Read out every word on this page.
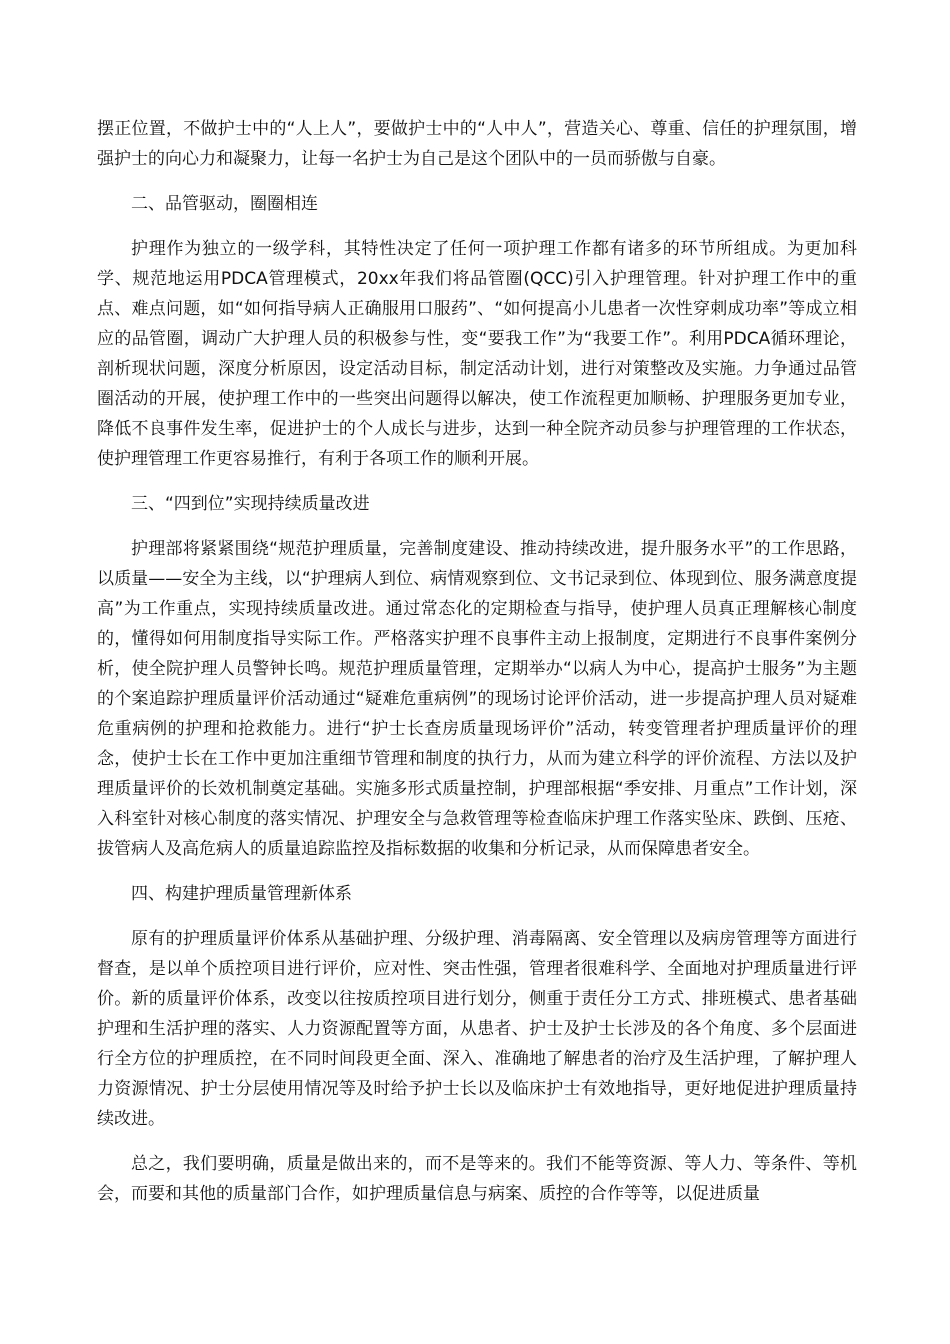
摆正位置，不做护士中的“人上人”，要做护士中的“人中人”，营造关心、尊重、信任的护理氛围，增强护士的向心力和凝聚力，让每一名护士为自己是这个团队中的一员而骄傲与自豪。

二、品管驱动，圈圈相连

护理作为独立的一级学科，其特性决定了任何一项护理工作都有诸多的环节所组成。为更加科学、规范地运用PDCA管理模式，20xx年我们将品管圈(QCC)引入护理管理。针对护理工作中的重点、难点问题，如“如何指导病人正确服用口服药”、“如何提高小儿患者一次性穿刺成功率”等成立相应的品管圈，调动广大护理人员的积极参与性，变“要我工作”为“我要工作”。利用PDCA循环理论，剖析现状问题，深度分析原因，设定活动目标，制定活动计划，进行对策整改及实施。力争通过品管圈活动的开展，使护理工作中的一些突出问题得以解决，使工作流程更加顺畅、护理服务更加专业，降低不良事件发生率，促进护士的个人成长与进步，达到一种全院齐动员参与护理管理的工作状态，使护理管理工作更容易推行，有利于各项工作的顺利开展。

三、“四到位”实现持续质量改进

护理部将紧紧围绕“规范护理质量，完善制度建设、推动持续改进，提升服务水平”的工作思路，以质量——安全为主线，以“护理病人到位、病情观察到位、文书记录到位、体现到位、服务满意度提高”为工作重点，实现持续质量改进。通过常态化的定期检查与指导，使护理人员真正理解核心制度的，懂得如何用制度指导实际工作。严格落实护理不良事件主动上报制度，定期进行不良事件案例分析，使全院护理人员警钟长鸣。规范护理质量管理，定期举办“以病人为中心，提高护士服务”为主题的个案追踪护理质量评价活动通过“疑难危重病例”的现场讨论评价活动，进一步提高护理人员对疑难危重病例的护理和抢救能力。进行“护士长查房质量现场评价”活动，转变管理者护理质量评价的理念，使护士长在工作中更加注重细节管理和制度的执行力，从而为建立科学的评价流程、方法以及护理质量评价的长效机制奠定基础。实施多形式质量控制，护理部根据“季安排、月重点”工作计划，深入科室针对核心制度的落实情况、护理安全与急救管理等检查临床护理工作落实坠床、跌倒、压疮、拔管病人及高危病人的质量追踪监控及指标数据的收集和分析记录，从而保障患者安全。

四、构建护理质量管理新体系

原有的护理质量评价体系从基础护理、分级护理、消毒隔离、安全管理以及病房管理等方面进行督查，是以单个质控项目进行评价，应对性、突击性强，管理者很难科学、全面地对护理质量进行评价。新的质量评价体系，改变以往按质控项目进行划分，侧重于责任分工方式、排班模式、患者基础护理和生活护理的落实、人力资源配置等方面，从患者、护士及护士长涉及的各个角度、多个层面进行全方位的护理质控，在不同时间段更全面、深入、准确地了解患者的治疗及生活护理，了解护理人力资源情况、护士分层使用情况等及时给予护士长以及临床护士有效地指导，更好地促进护理质量持续改进。

总之，我们要明确，质量是做出来的，而不是等来的。我们不能等资源、等人力、等条件、等机会，而要和其他的质量部门合作，如护理质量信息与病案、质控的合作等等，以促进质量
